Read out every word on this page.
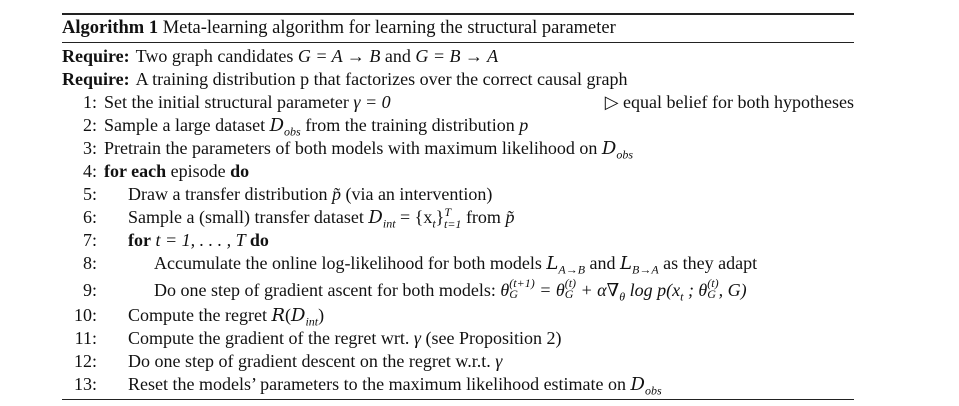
Algorithm 1 Meta-learning algorithm for learning the structural parameter
Require: Two graph candidates G = A → B and G = B → A
Require: A training distribution p that factorizes over the correct causal graph
1: Set the initial structural parameter γ = 0	▷ equal belief for both hypotheses
2: Sample a large dataset $D_{obs}$ from the training distribution p
3: Pretrain the parameters of both models with maximum likelihood on $D_{obs}$
4: for each episode do
5: Draw a transfer distribution p̃ (via an intervention)
6: Sample a (small) transfer dataset $D_{int} = \{x_t\}^T_{t=1}$ from p̃
7: for t = 1, . . . , T do
8:	Accumulate the online log-likelihood for both models $L_{A\to B}$ and $L_{B\to A}$ as they adapt
9:	Do one step of gradient ascent for both models: θ(t+1)
G = θ(t)
$G + \alpha\nabla_\theta$ $\log p(x_t$ ; θ(t)
G , G)
10: Compute the regret $R(D_{int})$
11: Compute the gradient of the regret wrt. γ (see Proposition 2)
12: Do one step of gradient descent on the regret w.r.t. γ
13: Reset the models’ parameters to the maximum likelihood estimate on $D_{obs}$
